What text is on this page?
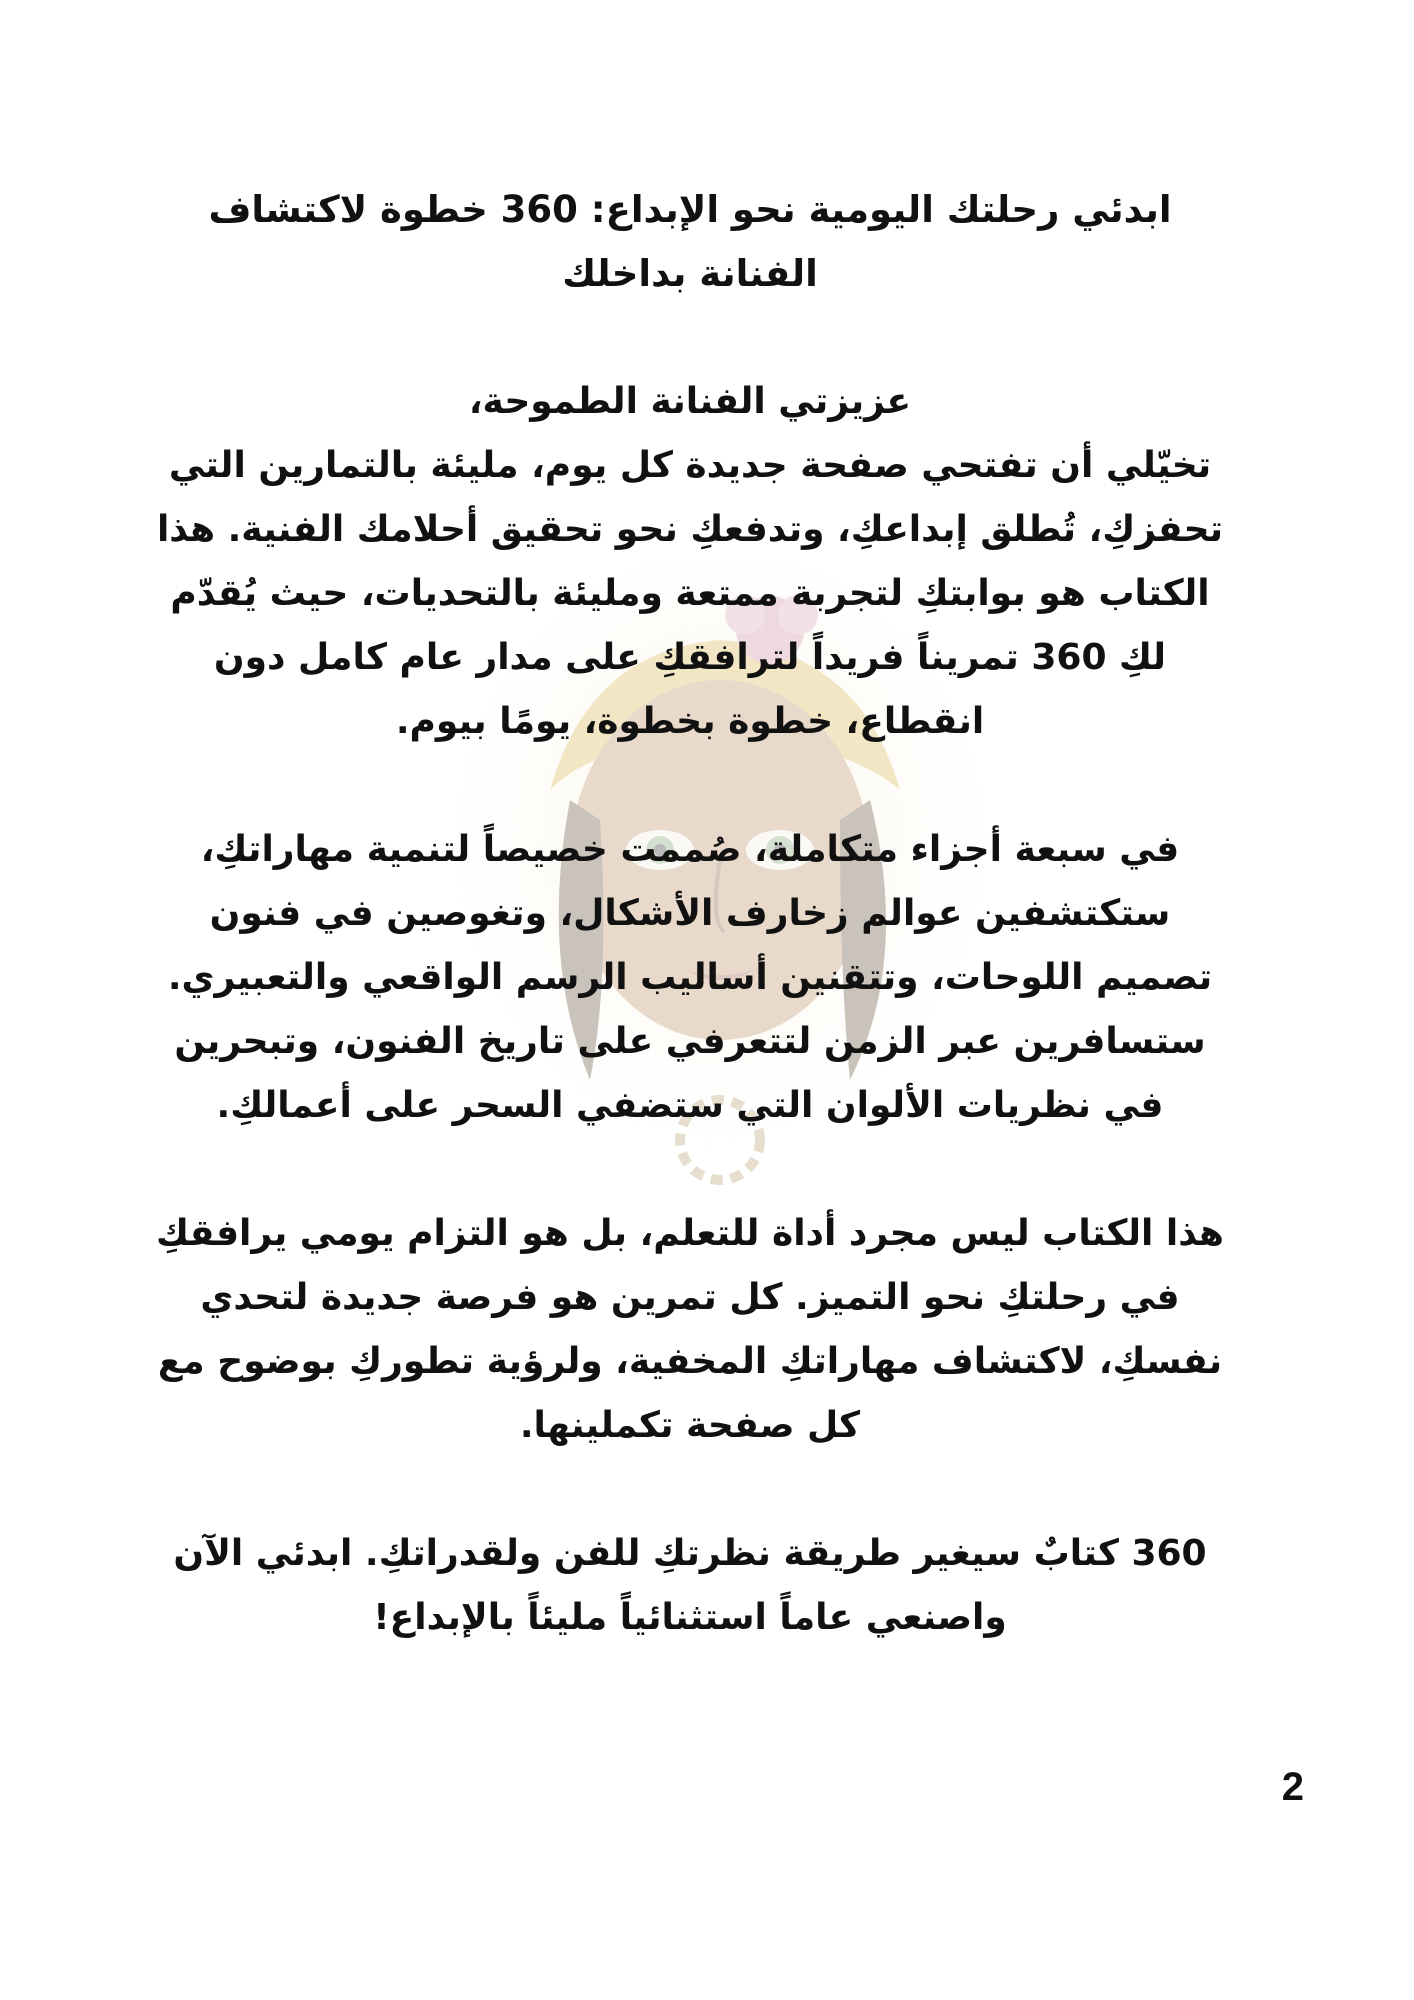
ابدئي رحلتك اليومية نحو الإبداع: 360 خطوة لاكتشاف الفنانة بداخلك

عزيزتي الفنانة الطموحة،

تخيّلي أن تفتحي صفحة جديدة كل يوم، مليئة بالتمارين التي تحفزكِ، تُطلق إبداعكِ، وتدفعكِ نحو تحقيق أحلامك الفنية. هذا الكتاب هو بوابتكِ لتجربة ممتعة ومليئة بالتحديات، حيث يُقدّم لكِ 360 تمريناً فريداً لترافقكِ على مدار عام كامل دون انقطاع، خطوة بخطوة، يومًا بيوم.

في سبعة أجزاء متكاملة، صُممت خصيصاً لتنمية مهاراتكِ، ستكتشفين عوالم زخارف الأشكال، وتغوصين في فنون تصميم اللوحات، وتتقنين أساليب الرسم الواقعي والتعبيري. ستسافرين عبر الزمن لتتعرفي على تاريخ الفنون، وتبحرين في نظريات الألوان التي ستضفي السحر على أعمالكِ.

هذا الكتاب ليس مجرد أداة للتعلم، بل هو التزام يومي يرافقكِ في رحلتكِ نحو التميز. كل تمرين هو فرصة جديدة لتحدي نفسكِ، لاكتشاف مهاراتكِ المخفية، ولرؤية تطوركِ بوضوح مع كل صفحة تكملينها.

360 كتابٌ سيغير طريقة نظرتكِ للفن ولقدراتكِ. ابدئي الآن واصنعي عاماً استثنائياً مليئاً بالإبداع!

2
